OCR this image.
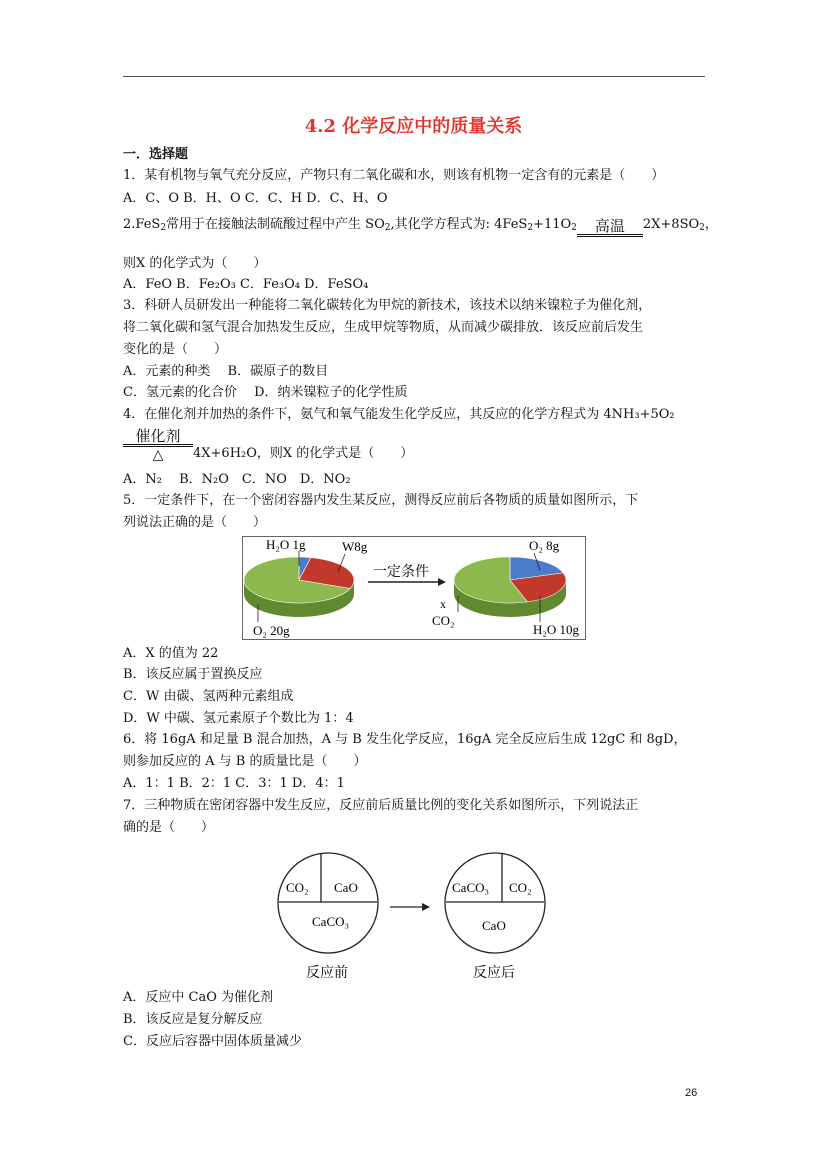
4.2 化学反应中的质量关系
一．选择题
1．某有机物与氧气充分反应，产物只有二氧化碳和水，则该有机物一定含有的元素是（　　）
A．C、O B．H、O C．C、H D．C、H、O
2.FeS$_2$常用于在接触法制硫酸过程中产生 $SO_2$,其化学方程式为: $4FeS_2+11O_2$	高温	$2X+8SO_2$，
则X 的化学式为（　　）
A．FeO B．Fe₂O₃ C．Fe₃O₄ D．FeSO₄
3．科研人员研发出一种能将二氧化碳转化为甲烷的新技术，该技术以纳米镍粒子为催化剂，
将二氧化碳和氢气混合加热发生反应，生成甲烷等物质，从而减少碳排放．该反应前后发生
变化的是（　　）
A．元素的种类　 B．碳原子的数目
C．氢元素的化合价　 D．纳米镍粒子的化学性质
4．在催化剂并加热的条件下，氨气和氧气能发生化学反应，其反应的化学方程式为 4NH₃+5O₂
催化剂
△	4X+6H₂O，则X 的化学式是（　　）
A．N₂　 B．N₂O　C．NO　D．NO₂
5．一定条件下，在一个密闭容器内发生某反应，测得反应前后各物质的质量如图所示，下
列说法正确的是（　　）
一定条件
H₂O 1g	W8g
O₂ 20g
O₂ 8g
x
CO₂
H₂O 10g
A．X 的值为 22
B．该反应属于置换反应
C．W 由碳、氢两种元素组成
D．W 中碳、氢元素原子个数比为 1：4
6．将 16gA 和足量 B 混合加热，A 与 B 发生化学反应，16gA 完全反应后生成 12gC 和 8gD，
则参加反应的 A 与 B 的质量比是（　　）
A．1：1 B．2：1 C．3：1 D．4：1
7．三种物质在密闭容器中发生反应，反应前后质量比例的变化关系如图所示，下列说法正
确的是（　　）
CO₂ CaO
CaCO₃
反应前
CaCO₃ CO₂
CaO
反应后
A．反应中 CaO 为催化剂
B．该反应是复分解反应
C．反应后容器中固体质量减少
26
